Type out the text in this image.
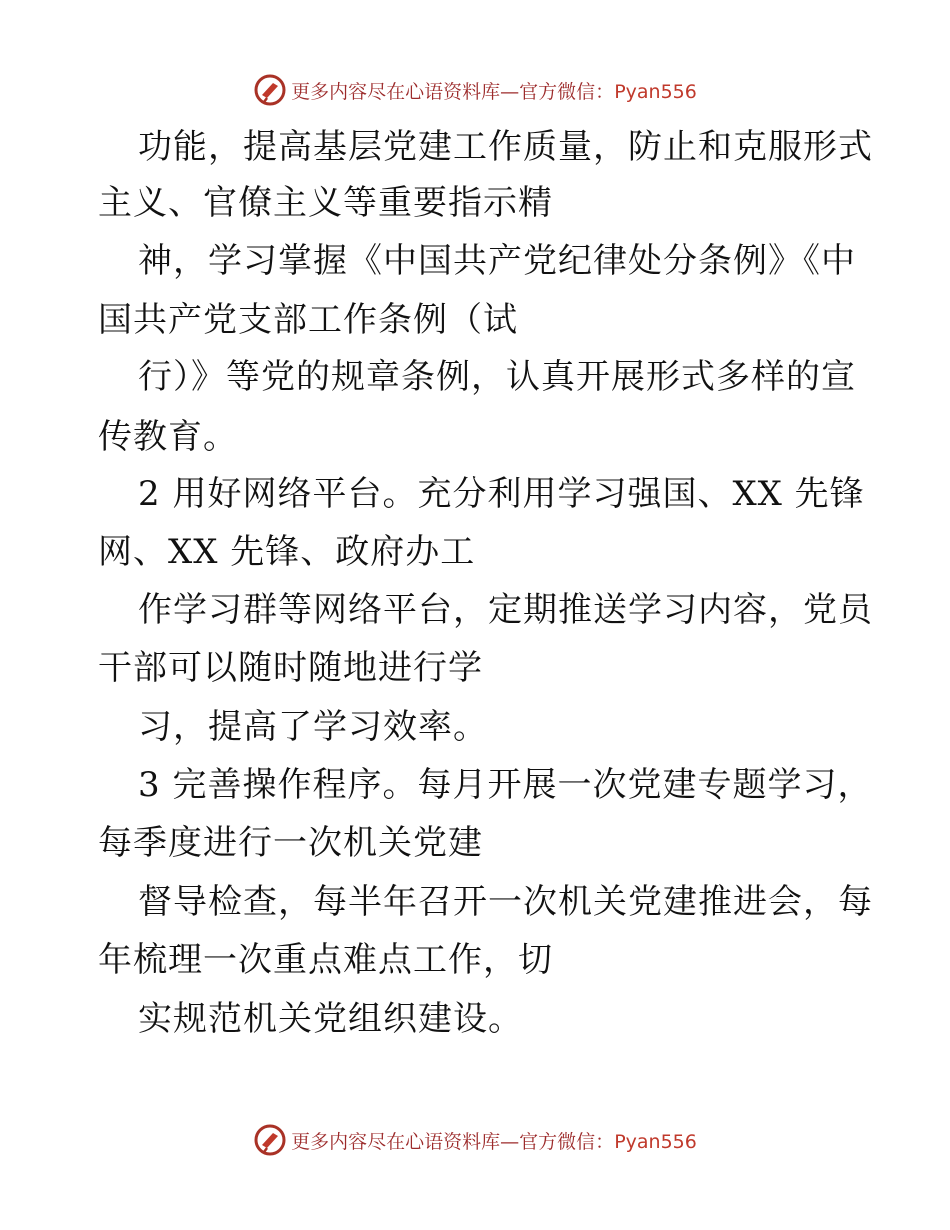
更多内容尽在心语资料库—官方微信：Pyan556
功能，提高基层党建工作质量，防止和克服形式
主义、官僚主义等重要指示精
神，学习掌握《中国共产党纪律处分条例》《中
国共产党支部工作条例（试
行）》等党的规章条例，认真开展形式多样的宣
传教育。
2 用好网络平台。充分利用学习强国、XX 先锋
网、XX 先锋、政府办工
作学习群等网络平台，定期推送学习内容，党员
干部可以随时随地进行学
习，提高了学习效率。
3 完善操作程序。每月开展一次党建专题学习，
每季度进行一次机关党建
督导检查，每半年召开一次机关党建推进会，每
年梳理一次重点难点工作，切
实规范机关党组织建设。
更多内容尽在心语资料库—官方微信：Pyan556
